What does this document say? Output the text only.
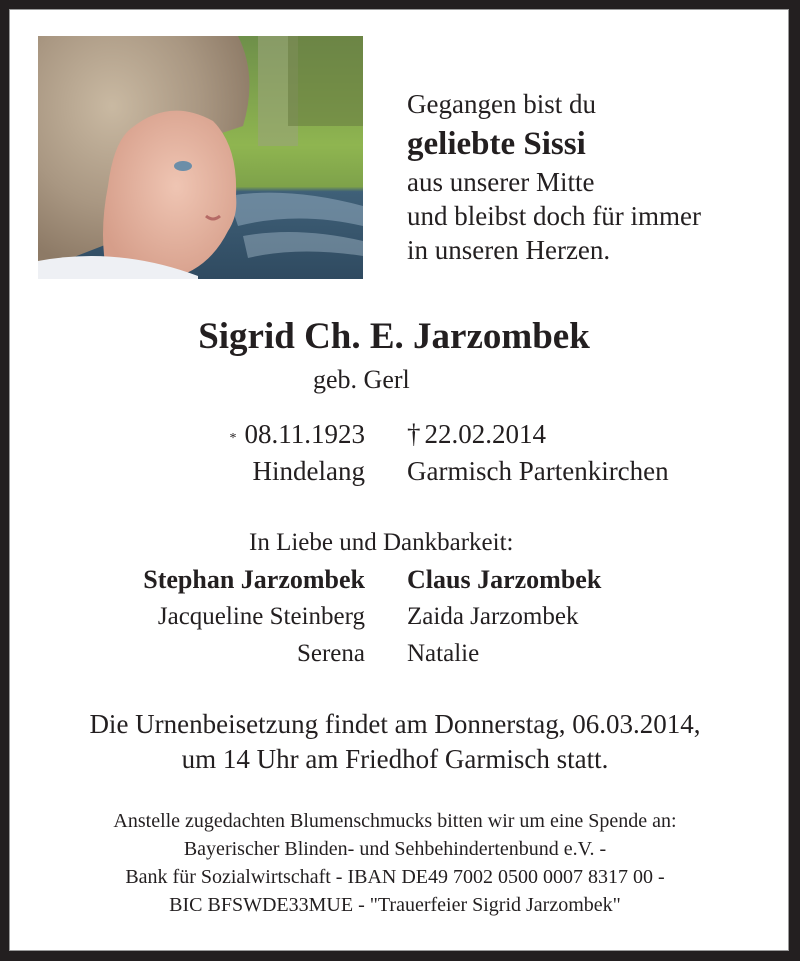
Gegangen bist du
geliebte Sissi
aus unserer Mitte
und bleibst doch für immer
in unseren Herzen.
Sigrid Ch. E. Jarzombek
geb. Gerl
* 08.11.1923 † 22.02.2014
Hindelang Garmisch Partenkirchen
In Liebe und Dankbarkeit:
Stephan Jarzombek Claus Jarzombek
Jacqueline Steinberg Zaida Jarzombek
Serena Natalie
Die Urnenbeisetzung findet am Donnerstag, 06.03.2014,
um 14 Uhr am Friedhof Garmisch statt.
Anstelle zugedachten Blumenschmucks bitten wir um eine Spende an:
Bayerischer Blinden- und Sehbehindertenbund e.V. -
Bank für Sozialwirtschaft - IBAN DE49 7002 0500 0007 8317 00 -
BIC BFSWDE33MUE - "Trauerfeier Sigrid Jarzombek"
